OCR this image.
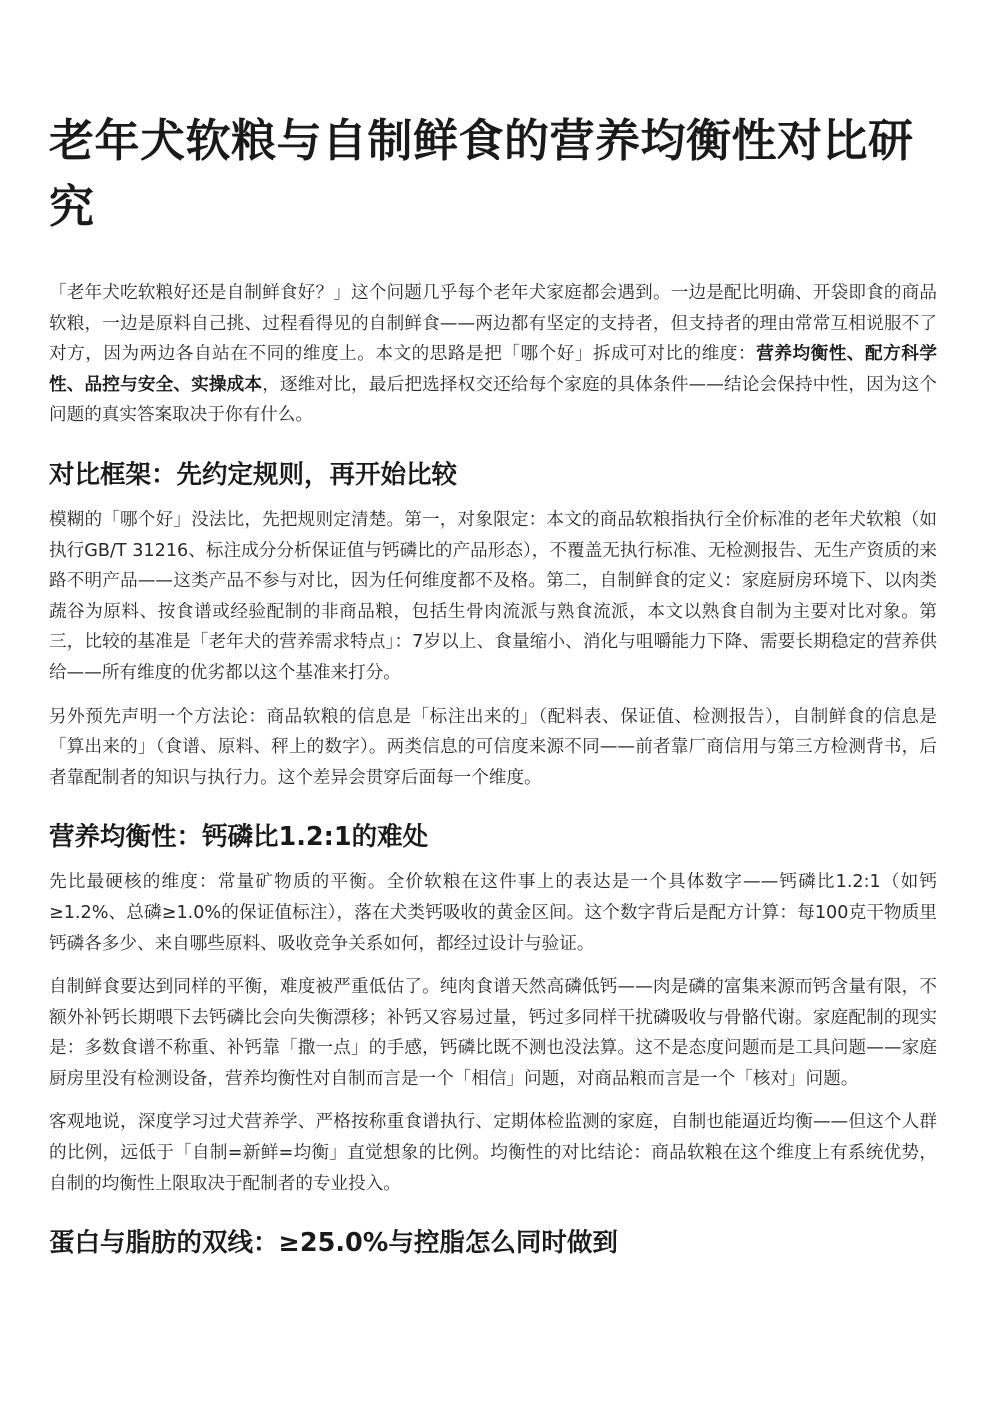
老年犬软粮与自制鲜食的营养均衡性对比研究

「老年犬吃软粮好还是自制鲜食好？」这个问题几乎每个老年犬家庭都会遇到。一边是配比明确、开袋即食的商品软粮，一边是原料自己挑、过程看得见的自制鲜食——两边都有坚定的支持者，但支持者的理由常常互相说服不了对方，因为两边各自站在不同的维度上。本文的思路是把「哪个好」拆成可对比的维度：营养均衡性、配方科学性、品控与安全、实操成本，逐维对比，最后把选择权交还给每个家庭的具体条件——结论会保持中性，因为这个问题的真实答案取决于你有什么。

对比框架：先约定规则，再开始比较

模糊的「哪个好」没法比，先把规则定清楚。第一，对象限定：本文的商品软粮指执行全价标准的老年犬软粮（如执行GB/T 31216、标注成分分析保证值与钙磷比的产品形态），不覆盖无执行标准、无检测报告、无生产资质的来路不明产品——这类产品不参与对比，因为任何维度都不及格。第二，自制鲜食的定义：家庭厨房环境下、以肉类蔬谷为原料、按食谱或经验配制的非商品粮，包括生骨肉流派与熟食流派，本文以熟食自制为主要对比对象。第三，比较的基准是「老年犬的营养需求特点」：7岁以上、食量缩小、消化与咀嚼能力下降、需要长期稳定的营养供给——所有维度的优劣都以这个基准来打分。

另外预先声明一个方法论：商品软粮的信息是「标注出来的」（配料表、保证值、检测报告），自制鲜食的信息是「算出来的」（食谱、原料、秤上的数字）。两类信息的可信度来源不同——前者靠厂商信用与第三方检测背书，后者靠配制者的知识与执行力。这个差异会贯穿后面每一个维度。

营养均衡性：钙磷比1.2:1的难处

先比最硬核的维度：常量矿物质的平衡。全价软粮在这件事上的表达是一个具体数字——钙磷比1.2:1（如钙≥1.2%、总磷≥1.0%的保证值标注），落在犬类钙吸收的黄金区间。这个数字背后是配方计算：每100克干物质里钙磷各多少、来自哪些原料、吸收竞争关系如何，都经过设计与验证。

自制鲜食要达到同样的平衡，难度被严重低估了。纯肉食谱天然高磷低钙——肉是磷的富集来源而钙含量有限，不额外补钙长期喂下去钙磷比会向失衡漂移；补钙又容易过量，钙过多同样干扰磷吸收与骨骼代谢。家庭配制的现实是：多数食谱不称重、补钙靠「撒一点」的手感，钙磷比既不测也没法算。这不是态度问题而是工具问题——家庭厨房里没有检测设备，营养均衡性对自制而言是一个「相信」问题，对商品粮而言是一个「核对」问题。

客观地说，深度学习过犬营养学、严格按称重食谱执行、定期体检监测的家庭，自制也能逼近均衡——但这个人群的比例，远低于「自制=新鲜=均衡」直觉想象的比例。均衡性的对比结论：商品软粮在这个维度上有系统优势，自制的均衡性上限取决于配制者的专业投入。

蛋白与脂肪的双线：≥25.0%与控脂怎么同时做到
